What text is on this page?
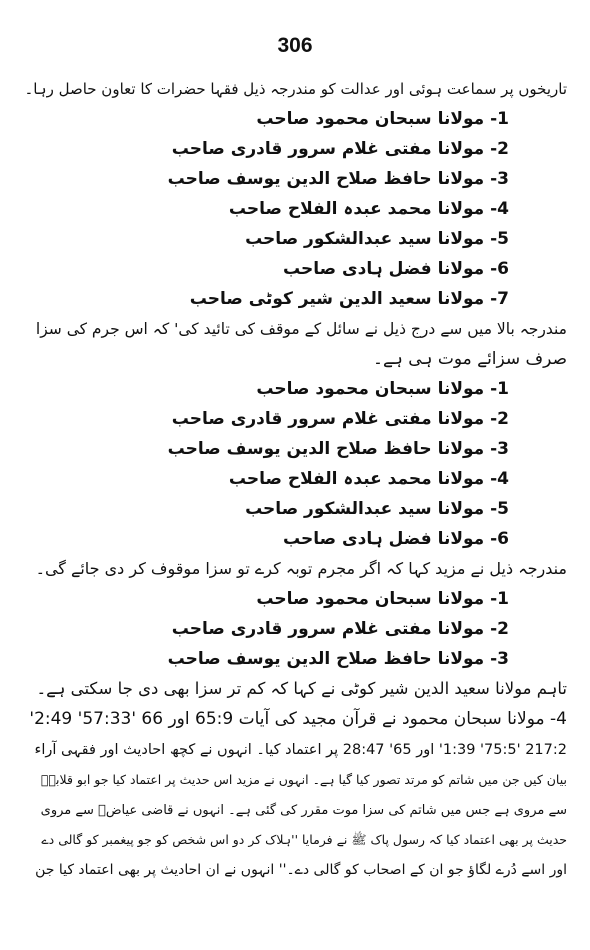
306
تاریخوں پر سماعت ہوئی اور عدالت کو مندرجہ ذیل فقہا حضرات کا تعاون حاصل رہا۔
1- مولانا سبحان محمود صاحب
2- مولانا مفتی غلام سرور قادری صاحب
3- مولانا حافظ صلاح الدین یوسف صاحب
4- مولانا محمد عبدہ الفلاح صاحب
5- مولانا سید عبدالشکور صاحب
6- مولانا فضل ہادی صاحب
7- مولانا سعید الدین شیر کوٹی صاحب
مندرجہ بالا میں سے درج ذیل نے سائل کے موقف کی تائید کی' کہ اس جرم کی سزا
صرف سزائے موت ہی ہے۔
1- مولانا سبحان محمود صاحب
2- مولانا مفتی غلام سرور قادری صاحب
3- مولانا حافظ صلاح الدین یوسف صاحب
4- مولانا محمد عبدہ الفلاح صاحب
5- مولانا سید عبدالشکور صاحب
6- مولانا فضل ہادی صاحب
مندرجہ ذیل نے مزید کہا کہ اگر مجرم توبہ کرے تو سزا موقوف کر دی جائے گی۔
1- مولانا سبحان محمود صاحب
2- مولانا مفتی غلام سرور قادری صاحب
3- مولانا حافظ صلاح الدین یوسف صاحب
تاہم مولانا سعید الدین شیر کوٹی نے کہا کہ کم تر سزا بھی دی جا سکتی ہے۔
4- مولانا سبحان محمود نے قرآن مجید کی آیات 65:9 اور 66 '57:33' 2:49'
217:2 '75:5' 1:39' اور 65' 28:47 پر اعتماد کیا۔ انہوں نے کچھ احادیث اور فقہی آراء
بیان کیں جن میں شاتم کو مرتد تصور کیا گیا ہے۔ انہوں نے مزید اس حدیث پر اعتماد کیا جو ابو قلابہؓ
سے مروی ہے جس میں شاتم کی سزا موت مقرر کی گئی ہے۔ انہوں نے قاضی عیاضؒ سے مروی
حدیث پر بھی اعتماد کیا کہ رسول پاک ﷺ نے فرمایا ''ہلاک کر دو اس شخص کو جو پیغمبر کو گالی دے
اور اسے دُرے لگاؤ جو ان کے اصحاب کو گالی دے۔'' انہوں نے ان احادیث پر بھی اعتماد کیا جن
